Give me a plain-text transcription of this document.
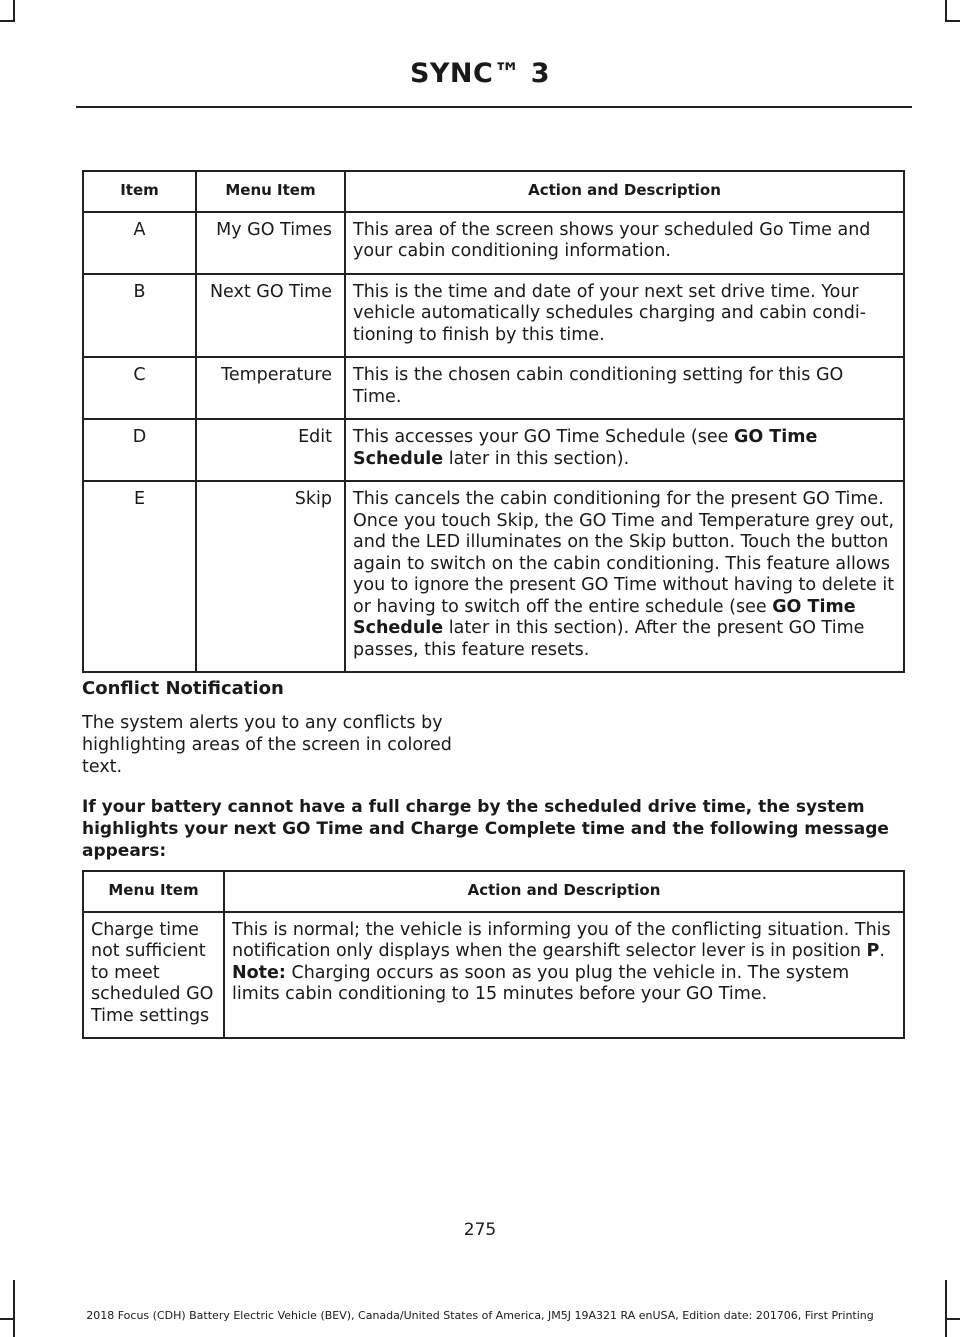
SYNC™ 3
Item	Menu Item	Action and Description
A	My GO Times	This area of the screen shows your scheduled Go Time and your cabin conditioning information.
B	Next GO Time	This is the time and date of your next set drive time. Your vehicle automatically schedules charging and cabin condi-tioning to finish by this time.
C	Temperature	This is the chosen cabin conditioning setting for this GO Time.
D	Edit	This accesses your GO Time Schedule (see GO Time Schedule later in this section).
E	Skip	This cancels the cabin conditioning for the present GO Time. Once you touch Skip, the GO Time and Temperature grey out, and the LED illuminates on the Skip button. Touch the button again to switch on the cabin conditioning. This feature allows you to ignore the present GO Time without having to delete it or having to switch off the entire schedule (see GO Time Schedule later in this section). After the present GO Time passes, this feature resets.
Conflict Notification
The system alerts you to any conflicts by highlighting areas of the screen in colored text.
If your battery cannot have a full charge by the scheduled drive time, the system highlights your next GO Time and Charge Complete time and the following message appears:
Menu Item	Action and Description
Charge time not sufficient to meet scheduled GO Time settings	This is normal; the vehicle is informing you of the conflicting situation. This notification only displays when the gearshift selector lever is in position P.
Note: Charging occurs as soon as you plug the vehicle in. The system limits cabin conditioning to 15 minutes before your GO Time.
275
2018 Focus (CDH) Battery Electric Vehicle (BEV), Canada/United States of America, JM5J 19A321 RA enUSA, Edition date: 201706, First Printing
